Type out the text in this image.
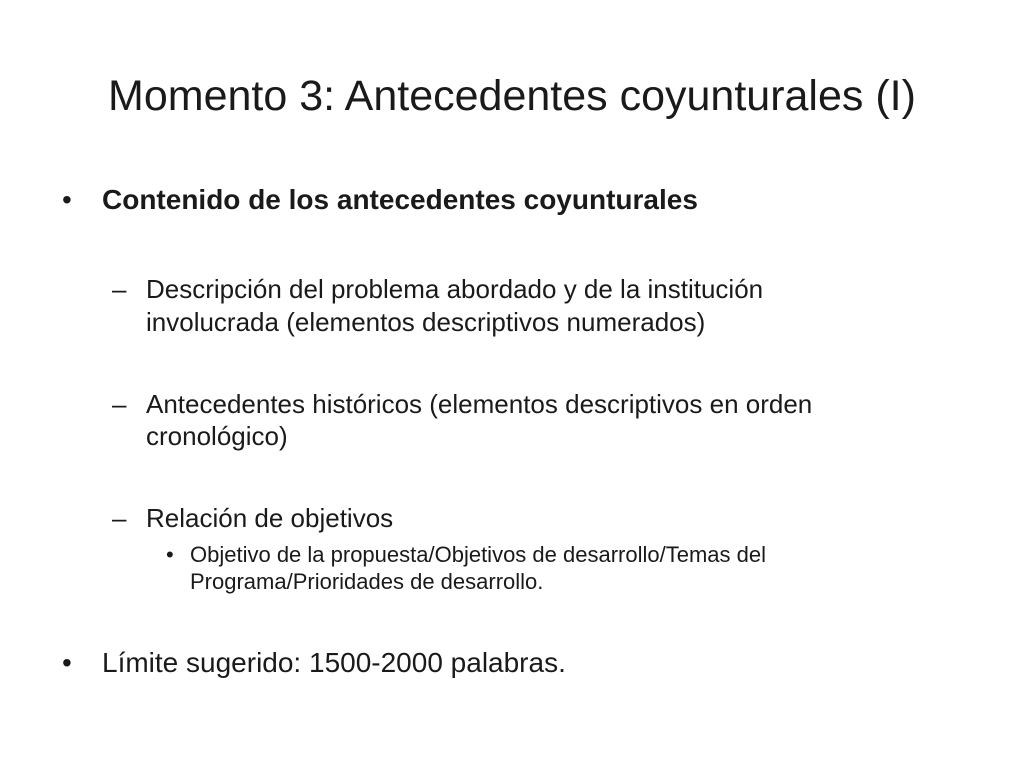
Momento 3: Antecedentes coyunturales (I)
• Contenido de los antecedentes coyunturales

– Descripción del problema abordado y de la institución

involucrada (elementos descriptivos numerados)

– Antecedentes históricos (elementos descriptivos en orden

cronológico)

– Relación de objetivos

• Objetivo de la propuesta/Objetivos de desarrollo/Temas del

Programa/Prioridades de desarrollo.

• Límite sugerido: 1500-2000 palabras.
